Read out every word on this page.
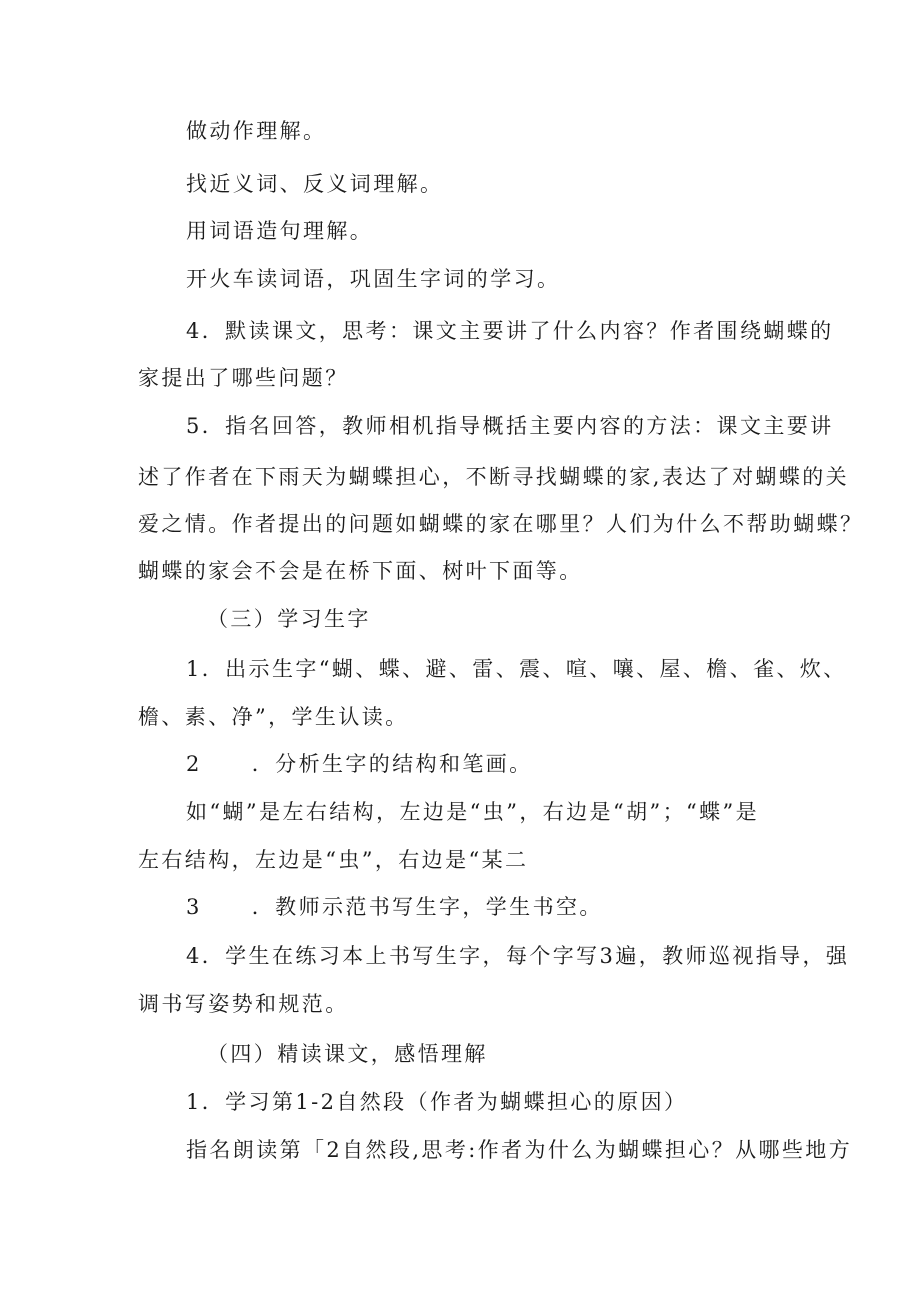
做动作理解。
找近义词、反义词理解。
用词语造句理解。
开火车读词语，巩固生字词的学习。
4．默读课文，思考：课文主要讲了什么内容？作者围绕蝴蝶的
家提出了哪些问题？
5．指名回答，教师相机指导概括主要内容的方法：课文主要讲
述了作者在下雨天为蝴蝶担心，不断寻找蝴蝶的家,表达了对蝴蝶的关
爱之情。作者提出的问题如蝴蝶的家在哪里？人们为什么不帮助蝴蝶？
蝴蝶的家会不会是在桥下面、树叶下面等。
（三）学习生字
1．出示生字“蝴、蝶、避、雷、震、喧、嚷、屋、檐、雀、炊、
檐、素、净”，学生认读。
2 ．分析生字的结构和笔画。
如“蝴”是左右结构，左边是“虫”，右边是“胡”；“蝶”是
左右结构，左边是“虫”，右边是“某二
3 ．教师示范书写生字，学生书空。
4．学生在练习本上书写生字，每个字写3遍，教师巡视指导，强
调书写姿势和规范。
（四）精读课文，感悟理解
1．学习第1-2自然段（作者为蝴蝶担心的原因）
指名朗读第「2自然段,思考:作者为什么为蝴蝶担心？从哪些地方
